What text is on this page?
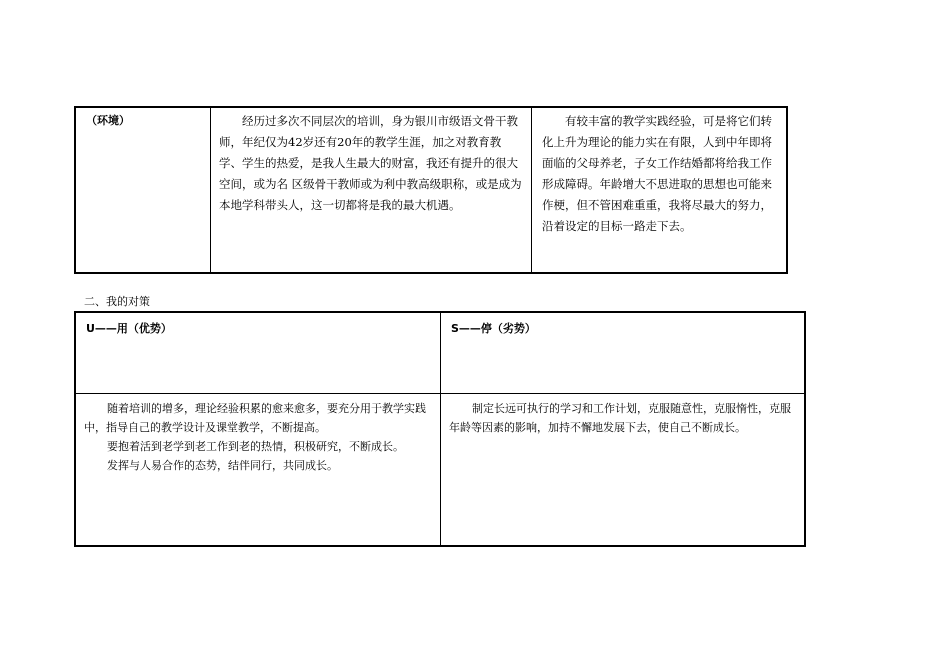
（环境）	经历过多次不同层次的培训，身为银川市级语文骨干教师，年纪仅为42岁还有20年的教学生涯，加之对教育教学、学生的热爱，是我人生最大的财富，我还有提升的很大空间，或为名 区级骨干教师或为利中教高级职称，或是成为本地学科带头人，这一切都将是我的最大机遇。
有较丰富的教学实践经验，可是将它们转化上升为理论的能力实在有限，人到中年即将面临的父母养老，子女工作结婚都将给我工作形成障碍。年龄增大不思进取的思想也可能来作梗，但不管困难重重，我将尽最大的努力，沿着设定的目标一路走下去。
二、我的对策
U——用（优势）	S——停（劣势）

随着培训的增多，理论经验积累的愈来愈多，要充分用于教学实践中，指导自己的教学设计及课堂教学，不断提高。

要抱着活到老学到老工作到老的热情，积极研究，不断成长。

发挥与人易合作的态势，结伴同行，共同成长。

制定长远可执行的学习和工作计划，克服随意性，克服惰性，克服年龄等因素的影响，加持不懈地发展下去，使自己不断成长。
